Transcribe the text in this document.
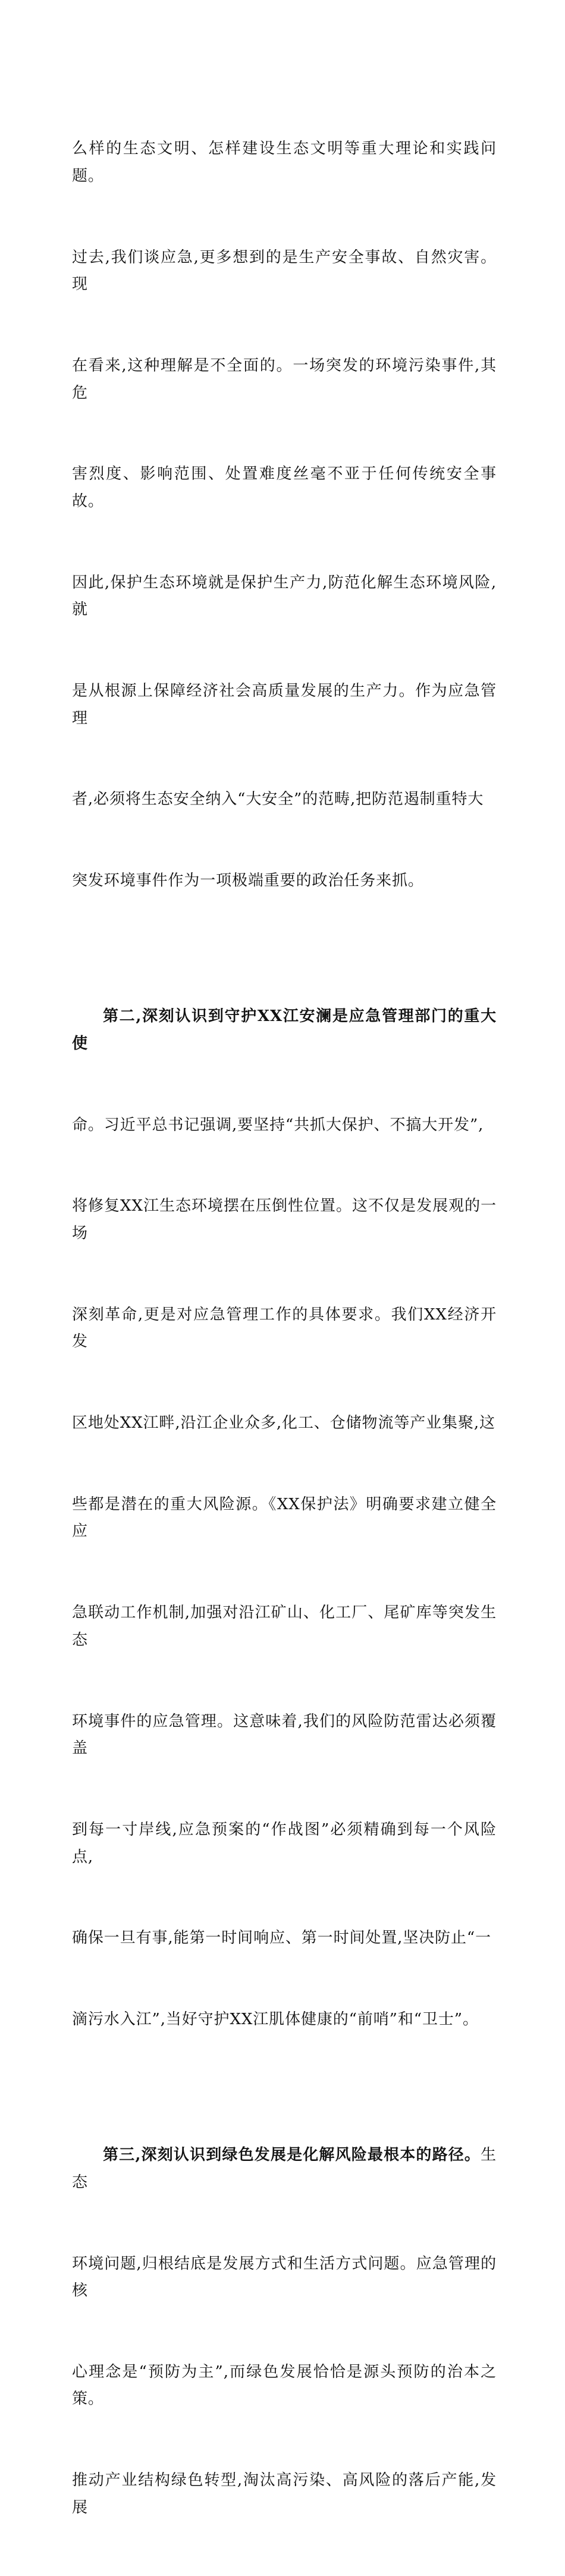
么样的生态文明、怎样建设生态文明等重大理论和实践问题。

过去,我们谈应急,更多想到的是生产安全事故、自然灾害。现

在看来,这种理解是不全面的。一场突发的环境污染事件,其危

害烈度、影响范围、处置难度丝毫不亚于任何传统安全事故。

因此,保护生态环境就是保护生产力,防范化解生态环境风险,就

是从根源上保障经济社会高质量发展的生产力。作为应急管理

者,必须将生态安全纳入“大安全”的范畴,把防范遏制重特大

突发环境事件作为一项极端重要的政治任务来抓。

第二,深刻认识到守护XX江安澜是应急管理部门的重大使

命。习近平总书记强调,要坚持“共抓大保护、不搞大开发”,

将修复XX江生态环境摆在压倒性位置。这不仅是发展观的一场

深刻革命,更是对应急管理工作的具体要求。我们XX经济开发

区地处XX江畔,沿江企业众多,化工、仓储物流等产业集聚,这

些都是潜在的重大风险源。《XX保护法》明确要求建立健全应

急联动工作机制,加强对沿江矿山、化工厂、尾矿库等突发生态

环境事件的应急管理。这意味着,我们的风险防范雷达必须覆盖

到每一寸岸线,应急预案的“作战图”必须精确到每一个风险点,

确保一旦有事,能第一时间响应、第一时间处置,坚决防止“一

滴污水入江”,当好守护XX江肌体健康的“前哨”和“卫士”。

第三,深刻认识到绿色发展是化解风险最根本的路径。生态

环境问题,归根结底是发展方式和生活方式问题。应急管理的核

心理念是“预防为主”,而绿色发展恰恰是源头预防的治本之策。

推动产业结构绿色转型,淘汰高污染、高风险的落后产能,发展
